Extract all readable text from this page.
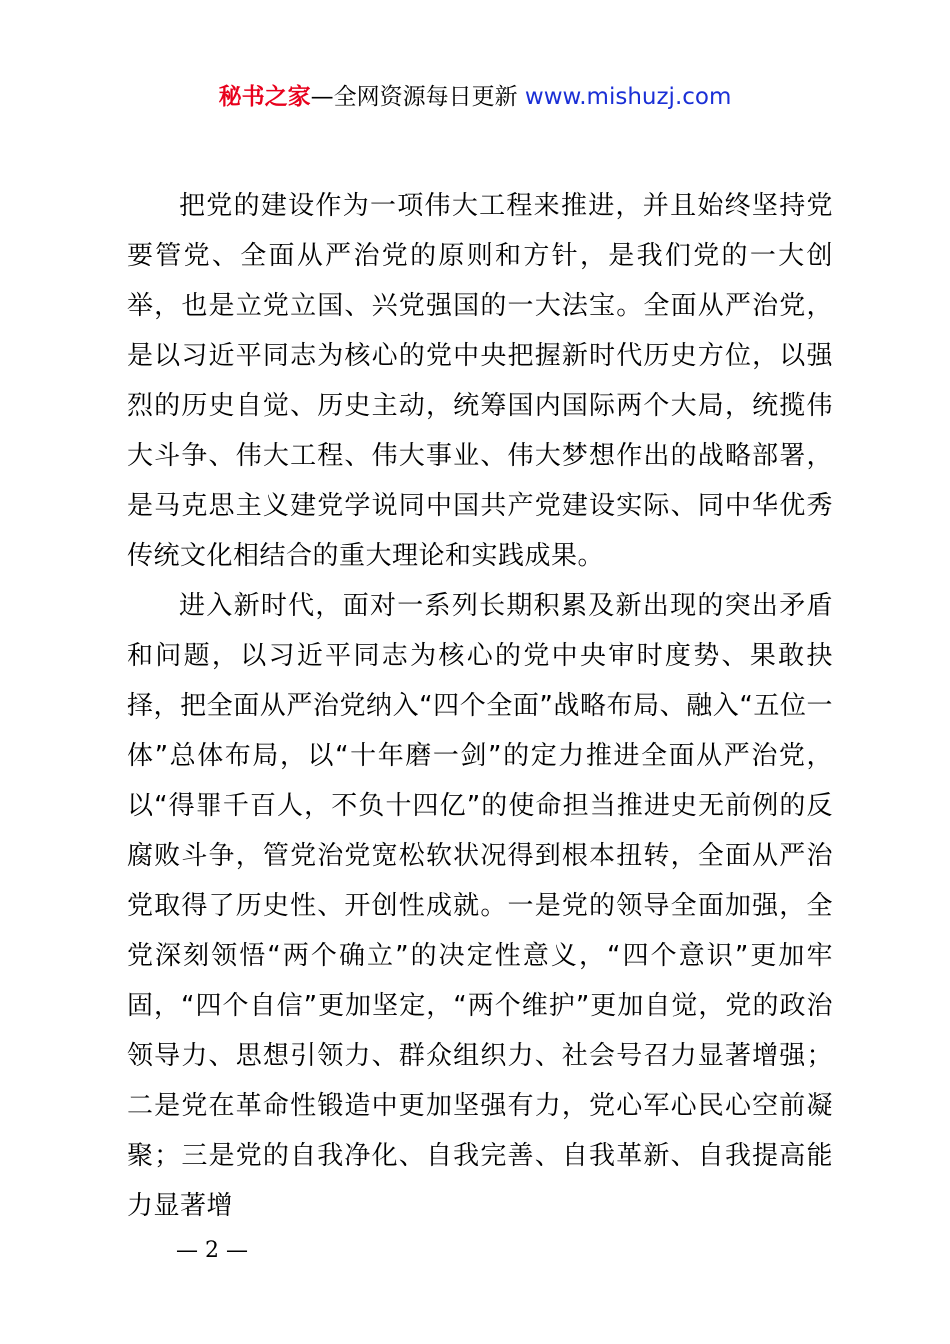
秘书之家—全网资源每日更新 www.mishuzj.com

把党的建设作为一项伟大工程来推进，并且始终坚持党要管党、全面从严治党的原则和方针，是我们党的一大创举，也是立党立国、兴党强国的一大法宝。全面从严治党，是以习近平同志为核心的党中央把握新时代历史方位，以强烈的历史自觉、历史主动，统筹国内国际两个大局，统揽伟大斗争、伟大工程、伟大事业、伟大梦想作出的战略部署，是马克思主义建党学说同中国共产党建设实际、同中华优秀传统文化相结合的重大理论和实践成果。

进入新时代，面对一系列长期积累及新出现的突出矛盾和问题，以习近平同志为核心的党中央审时度势、果敢抉择，把全面从严治党纳入“四个全面”战略布局、融入“五位一体”总体布局，以“十年磨一剑”的定力推进全面从严治党，以“得罪千百人，不负十四亿”的使命担当推进史无前例的反腐败斗争，管党治党宽松软状况得到根本扭转，全面从严治党取得了历史性、开创性成就。一是党的领导全面加强，全党深刻领悟“两个确立”的决定性意义，“四个意识”更加牢固，“四个自信”更加坚定，“两个维护”更加自觉，党的政治领导力、思想引领力、群众组织力、社会号召力显著增强；二是党在革命性锻造中更加坚强有力，党心军心民心空前凝聚；三是党的自我净化、自我完善、自我革新、自我提高能力显著增

— 2 —
